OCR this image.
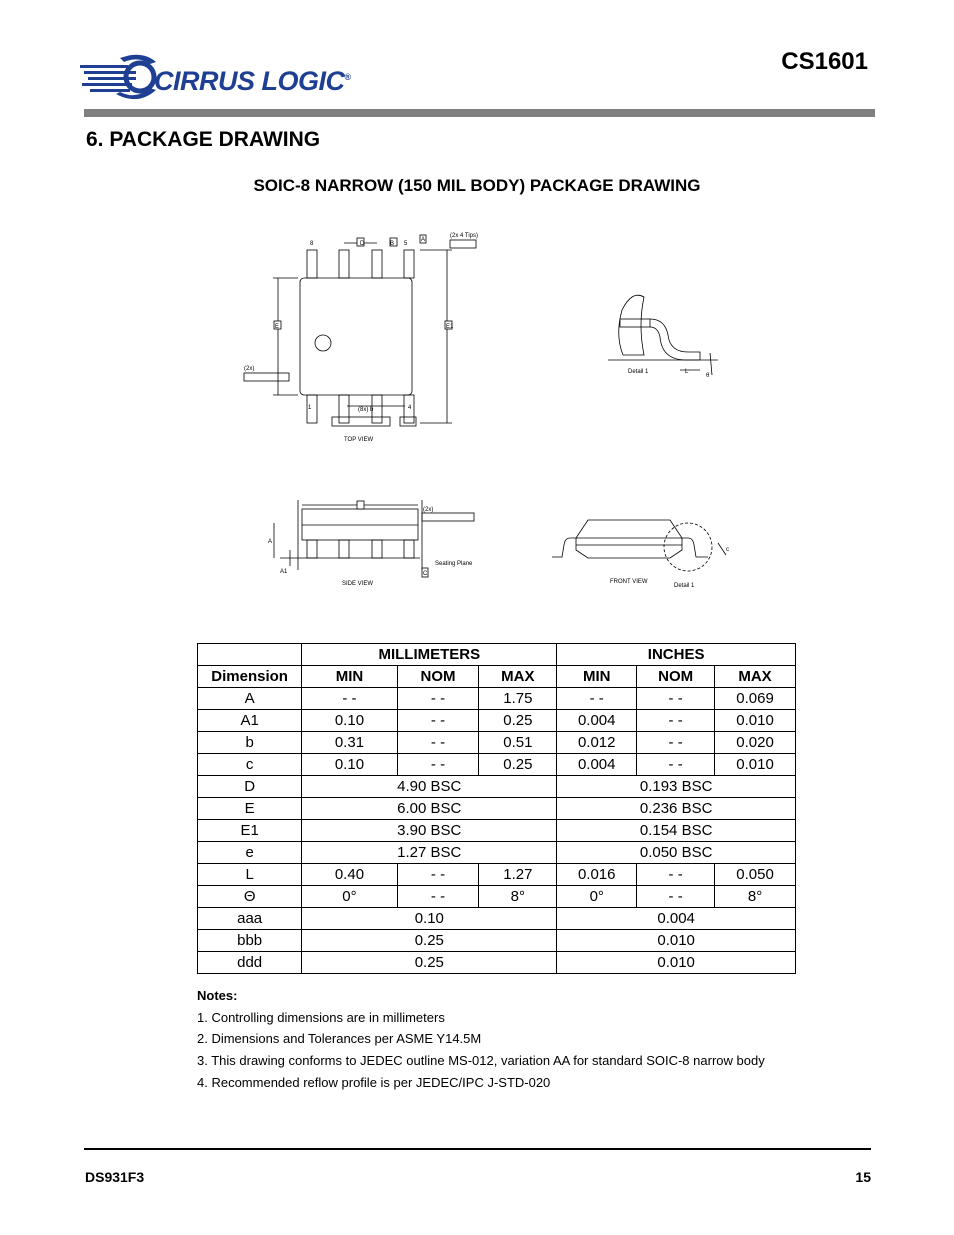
CIRRUS LOGIC®
CS1601
6. PACKAGE DRAWING
SOIC-8 NARROW (150 MIL BODY) PACKAGE DRAWING
8	5
1	4
D
E	E1
B
A
(2x 4 Tips)
(2x)
(8x) b
TOP VIEW
Detail 1	L
θ
A
A1
Seating Plane
(2x)
C
SIDE VIEW	FRONT VIEW
Detail 1
c
	MILLIMETERS			INCHES		
Dimension	MIN	NOM	MAX	MIN	NOM	MAX
A	- -	- -	1.75	- -	- -	0.069
A1	0.10	- -	0.25	0.004	- -	0.010
b	0.31	- -	0.51	0.012	- -	0.020
c	0.10	- -	0.25	0.004	- -	0.010
D	4.90 BSC			0.193 BSC		
E	6.00 BSC			0.236 BSC		
E1	3.90 BSC			0.154 BSC		
e	1.27 BSC			0.050 BSC		
L	0.40	- -	1.27	0.016	- -	0.050
Θ	0°	- -	8°	0°	- -	8°
aaa	0.10			0.004		
bbb	0.25			0.010		
ddd	0.25			0.010		
Notes:
1. Controlling dimensions are in millimeters
2. Dimensions and Tolerances per ASME Y14.5M
3. This drawing conforms to JEDEC outline MS-012, variation AA for standard SOIC-8 narrow body
4. Recommended reflow profile is per JEDEC/IPC J-STD-020
DS931F3	15
